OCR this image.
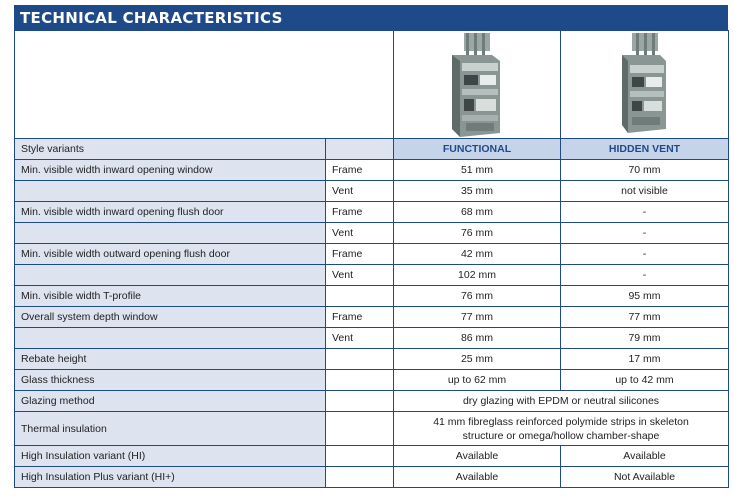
TECHNICAL CHARACTERISTICS

Style variants		FUNCTIONAL	HIDDEN VENT
Min. visible width inward opening window	Frame	51 mm	70 mm
	Vent	35 mm	not visible
Min. visible width inward opening flush door	Frame	68 mm	-
	Vent	76 mm	-
Min. visible width outward opening flush door	Frame	42 mm	-
	Vent	102 mm	-
Min. visible width T-profile		76 mm	95 mm
Overall system depth window	Frame	77 mm	77 mm
	Vent	86 mm	79 mm
Rebate height		25 mm	17 mm
Glass thickness		up to 62 mm	up to 42 mm
Glazing method		dry glazing with EPDM or neutral silicones	
Thermal insulation		41 mm fibreglass reinforced polymide strips in skeleton
structure or omega/hollow chamber-shape	

High Insulation variant (HI)		Available	Available
High Insulation Plus variant (HI+)		Available	Not Available
